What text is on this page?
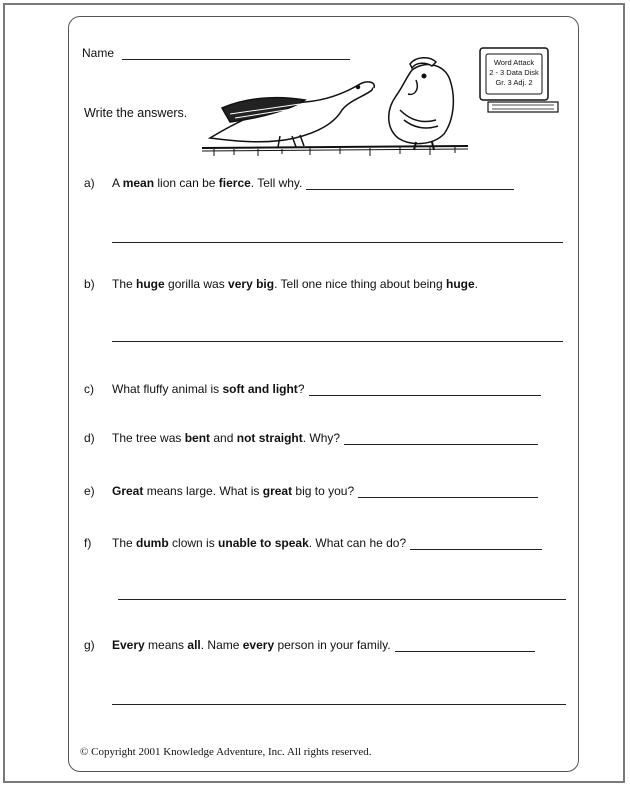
Name
Write the answers.
Word Attack
2 - 3 Data Disk
Gr. 3 Adj. 2
a)	A mean lion can be fierce. Tell why.
b)	The huge gorilla was very big. Tell one nice thing about being huge.
c)	What fluffy animal is soft and light?
d)	The tree was bent and not straight. Why?
e)	Great means large. What is great big to you?
f)	The dumb clown is unable to speak. What can he do?
g)	Every means all. Name every person in your family.
© Copyright 2001 Knowledge Adventure, Inc. All rights reserved.
